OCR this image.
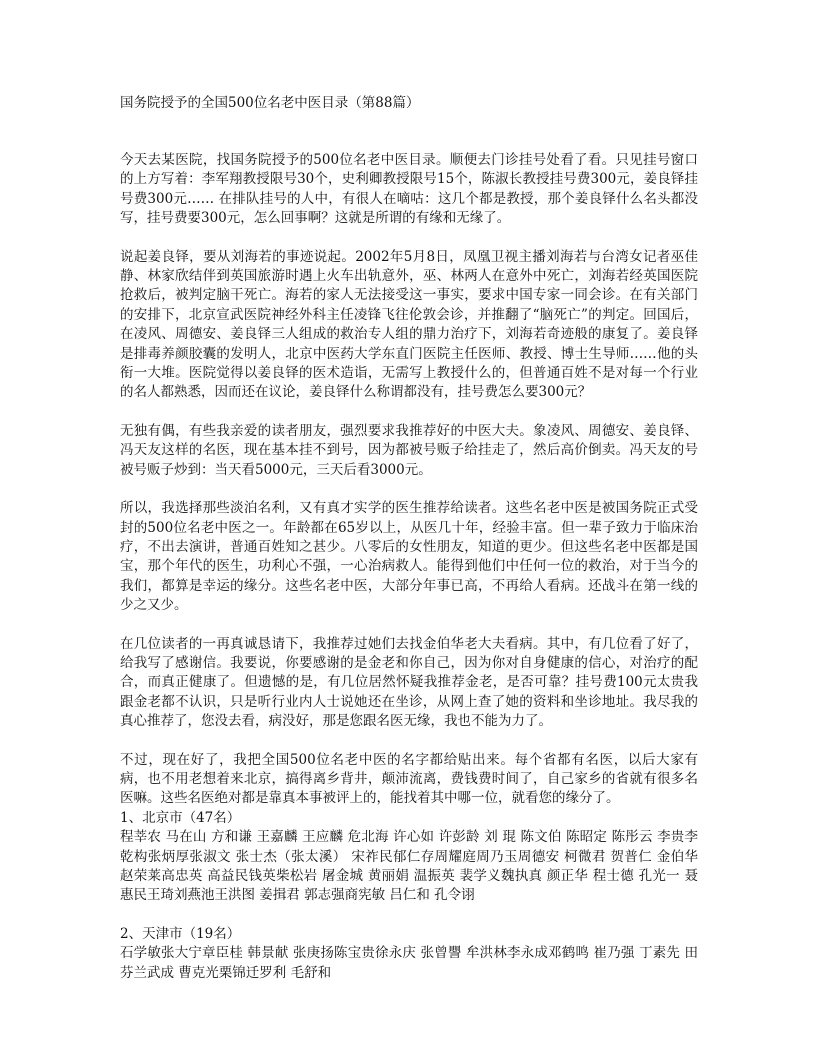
国务院授予的全国500位名老中医目录（第88篇）

今天去某医院，找国务院授予的500位名老中医目录。顺便去门诊挂号处看了看。只见挂号窗口的上方写着：李军翔教授限号30个，史利卿教授限号15个，陈淑长教授挂号费300元，姜良铎挂号费300元…… 在排队挂号的人中，有很人在嘀咕：这几个都是教授，那个姜良铎什么名头都没写，挂号费要300元，怎么回事啊？这就是所谓的有缘和无缘了。

说起姜良铎，要从刘海若的事迹说起。2002年5月8日，凤凰卫视主播刘海若与台湾女记者巫佳静、林家欣结伴到英国旅游时遇上火车出轨意外，巫、林两人在意外中死亡，刘海若经英国医院抢救后，被判定脑干死亡。海若的家人无法接受这一事实，要求中国专家一同会诊。在有关部门的安排下，北京宣武医院神经外科主任凌锋飞往伦敦会诊，并推翻了“脑死亡”的判定。回国后，在凌风、周德安、姜良铎三人组成的救治专人组的鼎力治疗下，刘海若奇迹般的康复了。姜良铎是排毒养颜胶囊的发明人，北京中医药大学东直门医院主任医师、教授、博士生导师……他的头衔一大堆。医院觉得以姜良铎的医术造诣，无需写上教授什么的，但普通百姓不是对每一个行业的名人都熟悉，因而还在议论，姜良铎什么称谓都没有，挂号费怎么要300元？

无独有偶，有些我亲爱的读者朋友，强烈要求我推荐好的中医大夫。象凌风、周德安、姜良铎、冯天友这样的名医，现在基本挂不到号，因为都被号贩子给挂走了，然后高价倒卖。冯天友的号被号贩子炒到：当天看5000元，三天后看3000元。

所以，我选择那些淡泊名利，又有真才实学的医生推荐给读者。这些名老中医是被国务院正式受封的500位名老中医之一。年龄都在65岁以上，从医几十年，经验丰富。但一辈子致力于临床治疗，不出去演讲，普通百姓知之甚少。八零后的女性朋友，知道的更少。但这些名老中医都是国宝，那个年代的医生，功利心不强，一心治病救人。能得到他们中任何一位的救治，对于当今的我们，都算是幸运的缘分。这些名老中医，大部分年事已高，不再给人看病。还战斗在第一线的少之又少。

在几位读者的一再真诚恳请下，我推荐过她们去找金伯华老大夫看病。其中，有几位看了好了，给我写了感谢信。我要说，你要感谢的是金老和你自己，因为你对自身健康的信心，对治疗的配合，而真正健康了。但遗憾的是，有几位居然怀疑我推荐金老，是否可靠？挂号费100元太贵我跟金老都不认识，只是听行业内人士说她还在坐诊，从网上查了她的资料和坐诊地址。我尽我的真心推荐了，您没去看，病没好，那是您跟名医无缘，我也不能为力了。

不过，现在好了，我把全国500位名老中医的名字都给贴出来。每个省都有名医，以后大家有病，也不用老想着来北京，搞得离乡背井，颠沛流离，费钱费时间了，自己家乡的省就有很多名医嘛。这些名医绝对都是靠真本事被评上的，能找着其中哪一位，就看您的缘分了。

1、北京市（47名）

程莘农 马在山 方和谦 王嘉麟 王应麟 危北海 许心如 许彭龄 刘 琨 陈文伯 陈昭定 陈彤云 李贵李乾构张炳厚张淑文 张士杰（张太溪） 宋祚民郁仁存周耀庭周乃玉周德安 柯微君 贺普仁 金伯华 赵荣莱高忠英 高益民钱英柴松岩 屠金城 黄丽娟 温振英 裴学义魏执真 颜正华 程士德 孔光一 聂惠民王琦刘燕池王洪图 姜揖君 郭志强商宪敏 吕仁和 孔令诩

2、天津市（19名）

石学敏张大宁章臣桂 韩景献 张庚扬陈宝贵徐永庆 张曾譻 牟洪林李永成邓鹤鸣 崔乃强 丁素先 田芬兰武成 曹克光栗锦迁罗利 毛舒和
